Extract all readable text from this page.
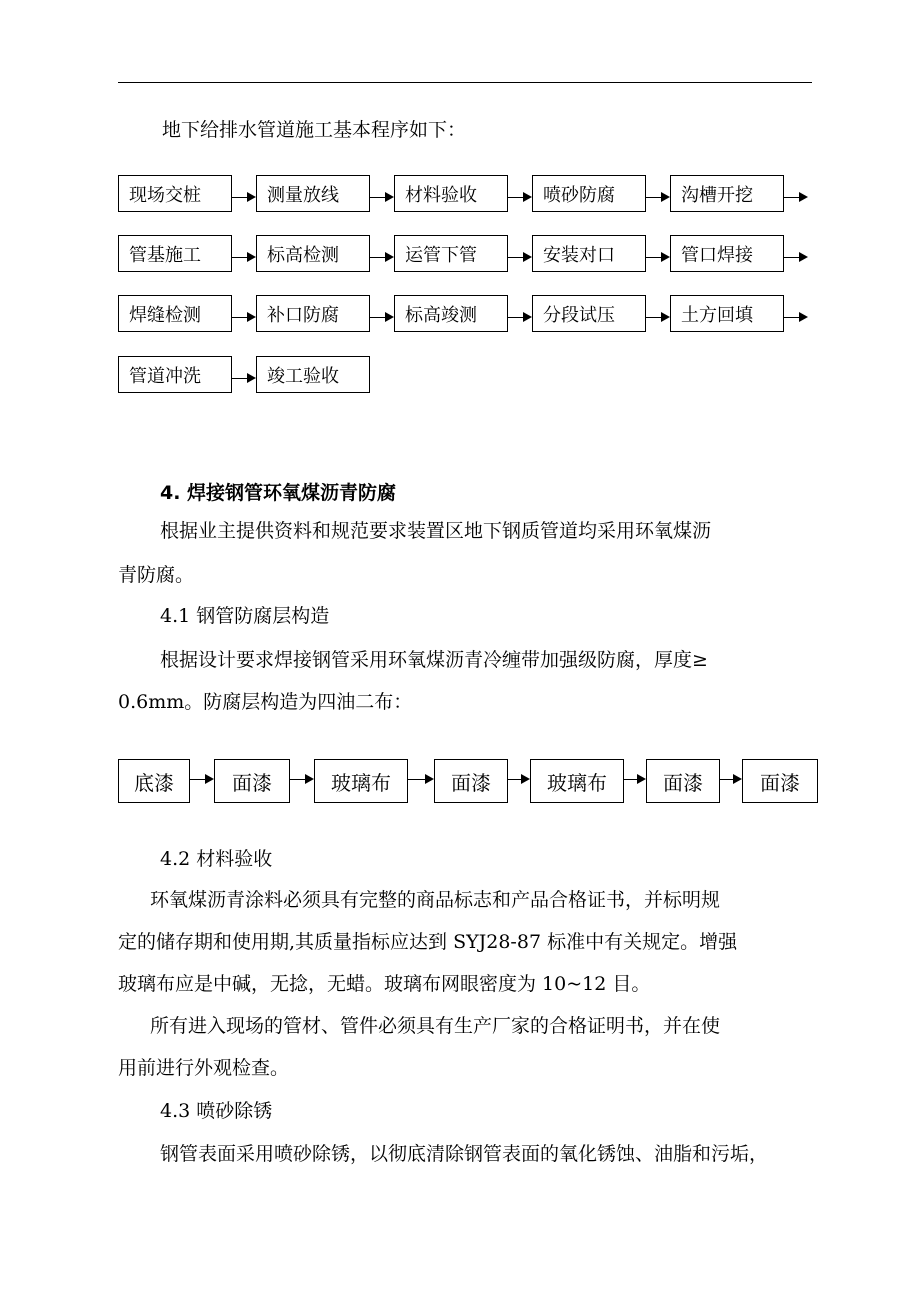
地下给排水管道施工基本程序如下：
现场交桩	测量放线	材料验收	喷砂防腐	沟槽开挖
管基施工	标高检测	运管下管	安装对口	管口焊接
焊缝检测	补口防腐	标高竣测	分段试压	土方回填
管道冲洗	竣工验收
4. 焊接钢管环氧煤沥青防腐
根据业主提供资料和规范要求装置区地下钢质管道均采用环氧煤沥
青防腐。
4.1 钢管防腐层构造
根据设计要求焊接钢管采用环氧煤沥青冷缠带加强级防腐，厚度≥
0.6mm。防腐层构造为四油二布：
底漆	面漆	玻璃布	面漆	玻璃布	面漆	面漆
4.2 材料验收
环氧煤沥青涂料必须具有完整的商品标志和产品合格证书，并标明规
定的储存期和使用期,其质量指标应达到 SYJ28-87 标准中有关规定。增强
玻璃布应是中碱，无捻，无蜡。玻璃布网眼密度为 10~12 目。
所有进入现场的管材、管件必须具有生产厂家的合格证明书，并在使
用前进行外观检查。
4.3 喷砂除锈
钢管表面采用喷砂除锈，以彻底清除钢管表面的氧化锈蚀、油脂和污垢，
